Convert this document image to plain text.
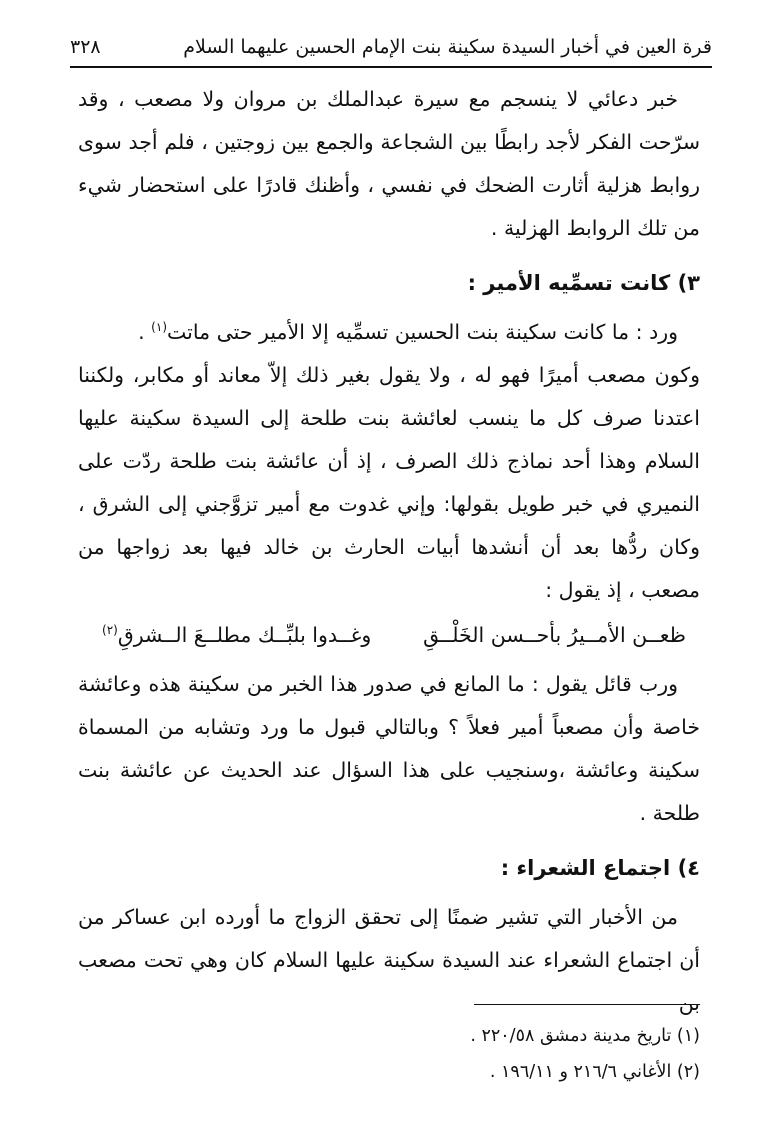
قرة العين في أخبار السيدة سكينة بنت الإمام الحسين عليهما السلام
٣٢٨

خبر دعائي لا ينسجم مع سيرة عبدالملك بن مروان ولا مصعب ، وقد سرّحت الفكر لأجد رابطًا بين الشجاعة والجمع بين زوجتين ، فلم أجد سوى روابط هزلية أثارت الضحك في نفسي ، وأظنك قادرًا على استحضار شيء من تلك الروابط الهزلية .

٣) كانت تسمِّيه الأمير :

ورد : ما كانت سكينة بنت الحسين تسمِّيه إلا الأمير حتى ماتت$^{(١)}$ .

وكون مصعب أميرًا فهو له ، ولا يقول بغير ذلك إلاّ معاند أو مكابر، ولكننا اعتدنا صرف كل ما ينسب لعائشة بنت طلحة إلى السيدة سكينة عليها السلام وهذا أحد نماذج ذلك الصرف ، إذ أن عائشة بنت طلحة ردّت على النميري في خبر طويل بقولها: وإني غدوت مع أمير تزوَّجني إلى الشرق ، وكان ردُّها بعد أن أنشدها أبيات الحارث بن خالد فيها بعد زواجها من مصعب ، إذ يقول :

ظعــن الأمــيرُ بأحــسن الخَلْــقِ
وغــدوا بلبِّــك مطلــعَ الــشرقِ$^{(٢)}$

ورب قائل يقول : ما المانع في صدور هذا الخبر من سكينة هذه وعائشة خاصة وأن مصعباً أمير فعلاً ؟ وبالتالي قبول ما ورد وتشابه من المسماة سكينة وعائشة ،وسنجيب على هذا السؤال عند الحديث عن عائشة بنت طلحة .

٤) اجتماع الشعراء :

من الأخبار التي تشير ضمنًا إلى تحقق الزواج ما أورده ابن عساكر من أن اجتماع الشعراء عند السيدة سكينة عليها السلام كان وهي تحت مصعب بن

(١) تاريخ مدينة دمشق ٢٢٠/٥٨ .
(٢) الأغاني ٢١٦/٦ و ١٩٦/١١ .
